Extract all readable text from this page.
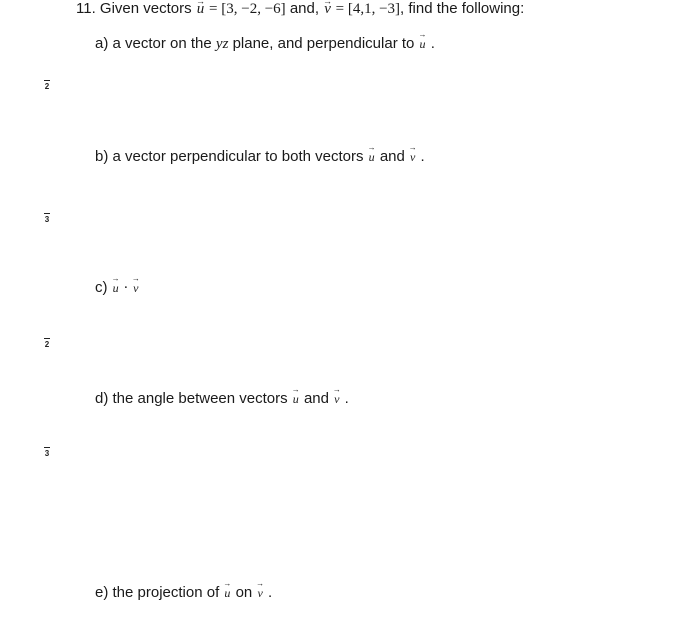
11. Given vectors → u = [3, −2, −6] and, → v = [4,1, −3], find the following:
a) a vector on the yz plane, and perpendicular to → u .
2
b) a vector perpendicular to both vectors → u and → v .
3
c) → u · → v
2
d) the angle between vectors → u and → v .
3
e) the projection of → u on → v .
